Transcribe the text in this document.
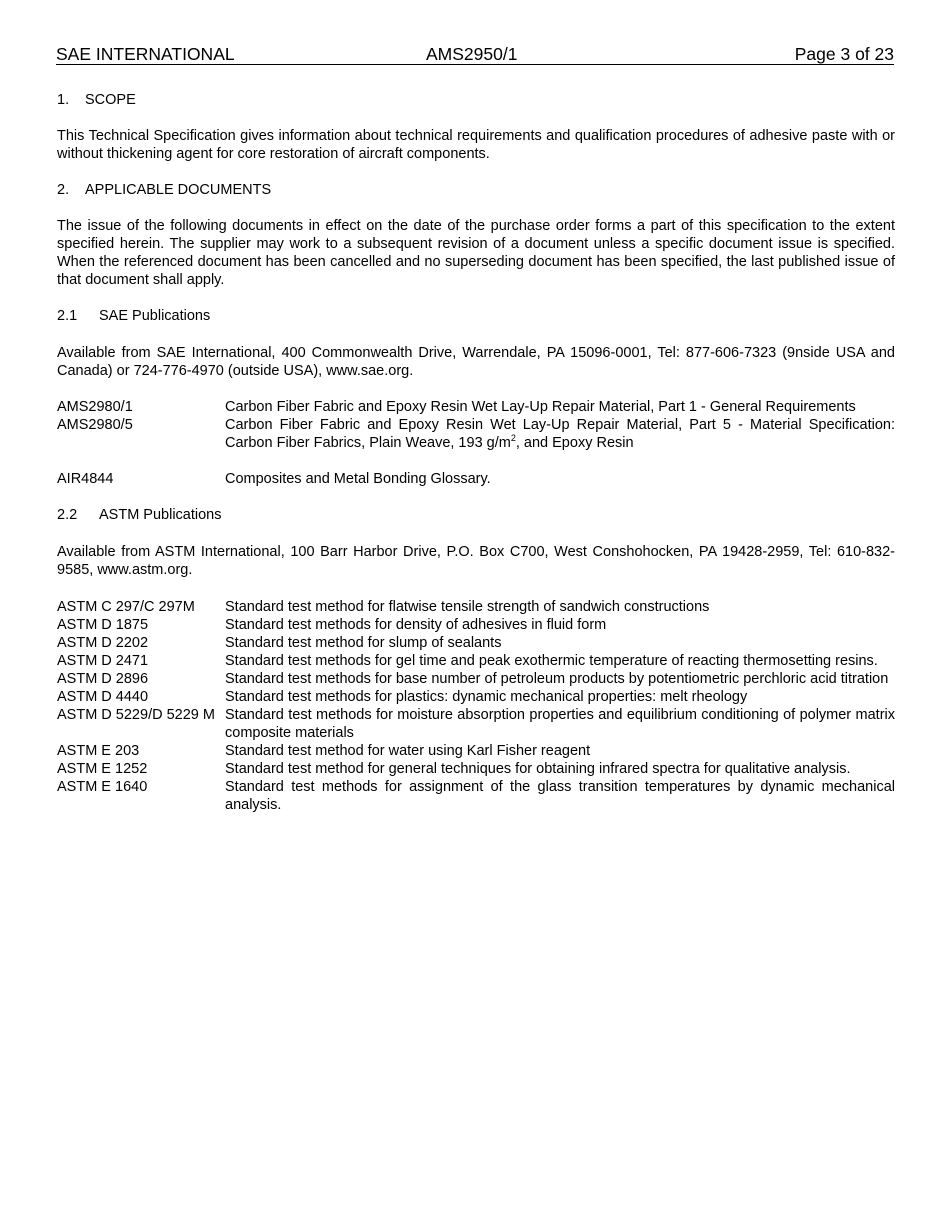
SAE INTERNATIONAL	AMS2950/1	Page 3 of 23
1. SCOPE

This Technical Specification gives information about technical requirements and qualification procedures of adhesive paste with or without thickening agent for core restoration of aircraft components.

2. APPLICABLE DOCUMENTS

The issue of the following documents in effect on the date of the purchase order forms a part of this specification to the extent specified herein. The supplier may work to a subsequent revision of a document unless a specific document issue is specified. When the referenced document has been cancelled and no superseding document has been specified, the last published issue of that document shall apply.

2.1 SAE Publications

Available from SAE International, 400 Commonwealth Drive, Warrendale, PA 15096-0001, Tel: 877-606-7323 (9nside USA and Canada) or 724-776-4970 (outside USA), www.sae.org.

AMS2980/1	Carbon Fiber Fabric and Epoxy Resin Wet Lay-Up Repair Material, Part 1 - General Requirements
AMS2980/5	Carbon Fiber Fabric and Epoxy Resin Wet Lay-Up Repair Material, Part 5 - Material Specification: Carbon Fiber Fabrics, Plain Weave, 193 $g/m^2$, and Epoxy Resin
AIR4844	Composites and Metal Bonding Glossary.
2.2 ASTM Publications

Available from ASTM International, 100 Barr Harbor Drive, P.O. Box C700, West Conshohocken, PA 19428-2959, Tel: 610-832-9585, www.astm.org.

ASTM C 297/C 297M	Standard test method for flatwise tensile strength of sandwich constructions
ASTM D 1875	Standard test methods for density of adhesives in fluid form
ASTM D 2202	Standard test method for slump of sealants
ASTM D 2471	Standard test methods for gel time and peak exothermic temperature of reacting thermosetting resins.
ASTM D 2896	Standard test methods for base number of petroleum products by potentiometric perchloric acid titration
ASTM D 4440	Standard test methods for plastics: dynamic mechanical properties: melt rheology
ASTM D 5229/D 5229 M Standard test methods for moisture absorption properties and equilibrium conditioning of polymer matrix composite materials
ASTM E 203	Standard test method for water using Karl Fisher reagent
ASTM E 1252	Standard test method for general techniques for obtaining infrared spectra for qualitative analysis.
ASTM E 1640	Standard test methods for assignment of the glass transition temperatures by dynamic mechanical analysis.
